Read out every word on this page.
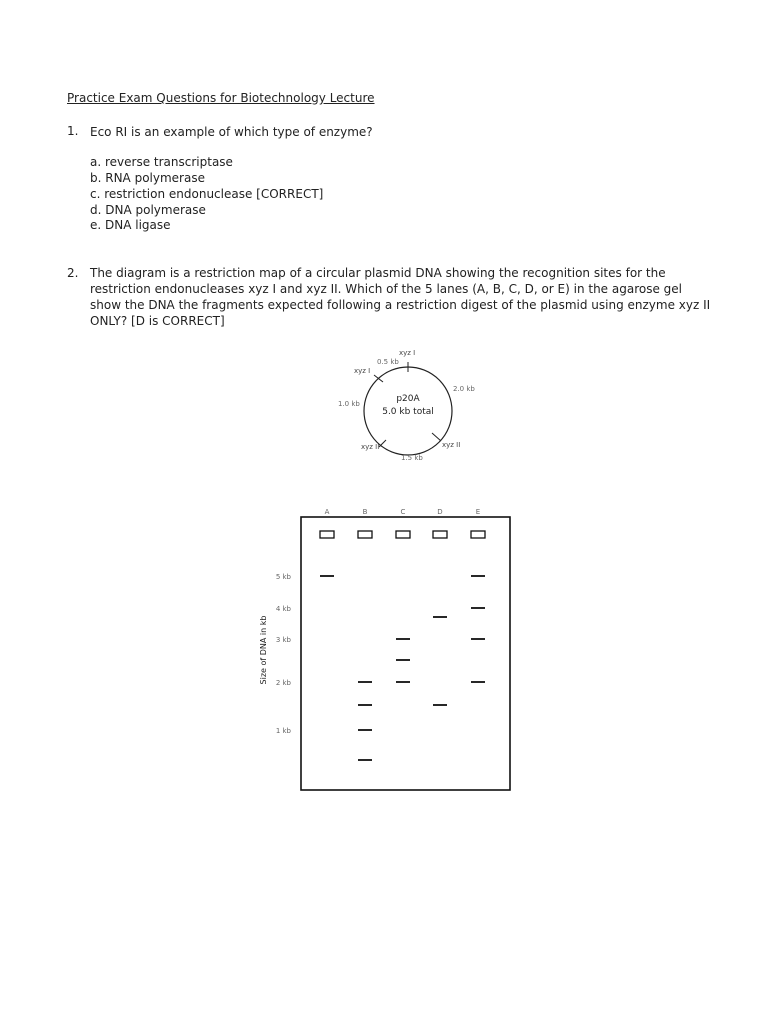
Practice Exam Questions for Biotechnology Lecture
1. Eco RI is an example of which type of enzyme?
a. reverse transcriptase
b. RNA polymerase
c. restriction endonuclease [CORRECT]
d. DNA polymerase
e. DNA ligase
2. The diagram is a restriction map of a circular plasmid DNA showing the recognition sites for the
restriction endonucleases xyz I and xyz II. Which of the 5 lanes (A, B, C, D, or E) in the agarose gel
show the DNA the fragments expected following a restriction digest of the plasmid using enzyme xyz II
ONLY? [D is CORRECT]
xyz I
xyz I
xyz II	xyz II
0.5 kb
2.0 kb
1.0 kb
1.5 kb
p20A
5.0 kb total
A	B	C	D	E
5 kb
4 kb
3 kb
2 kb
1 kb
Size of DNA in kb
